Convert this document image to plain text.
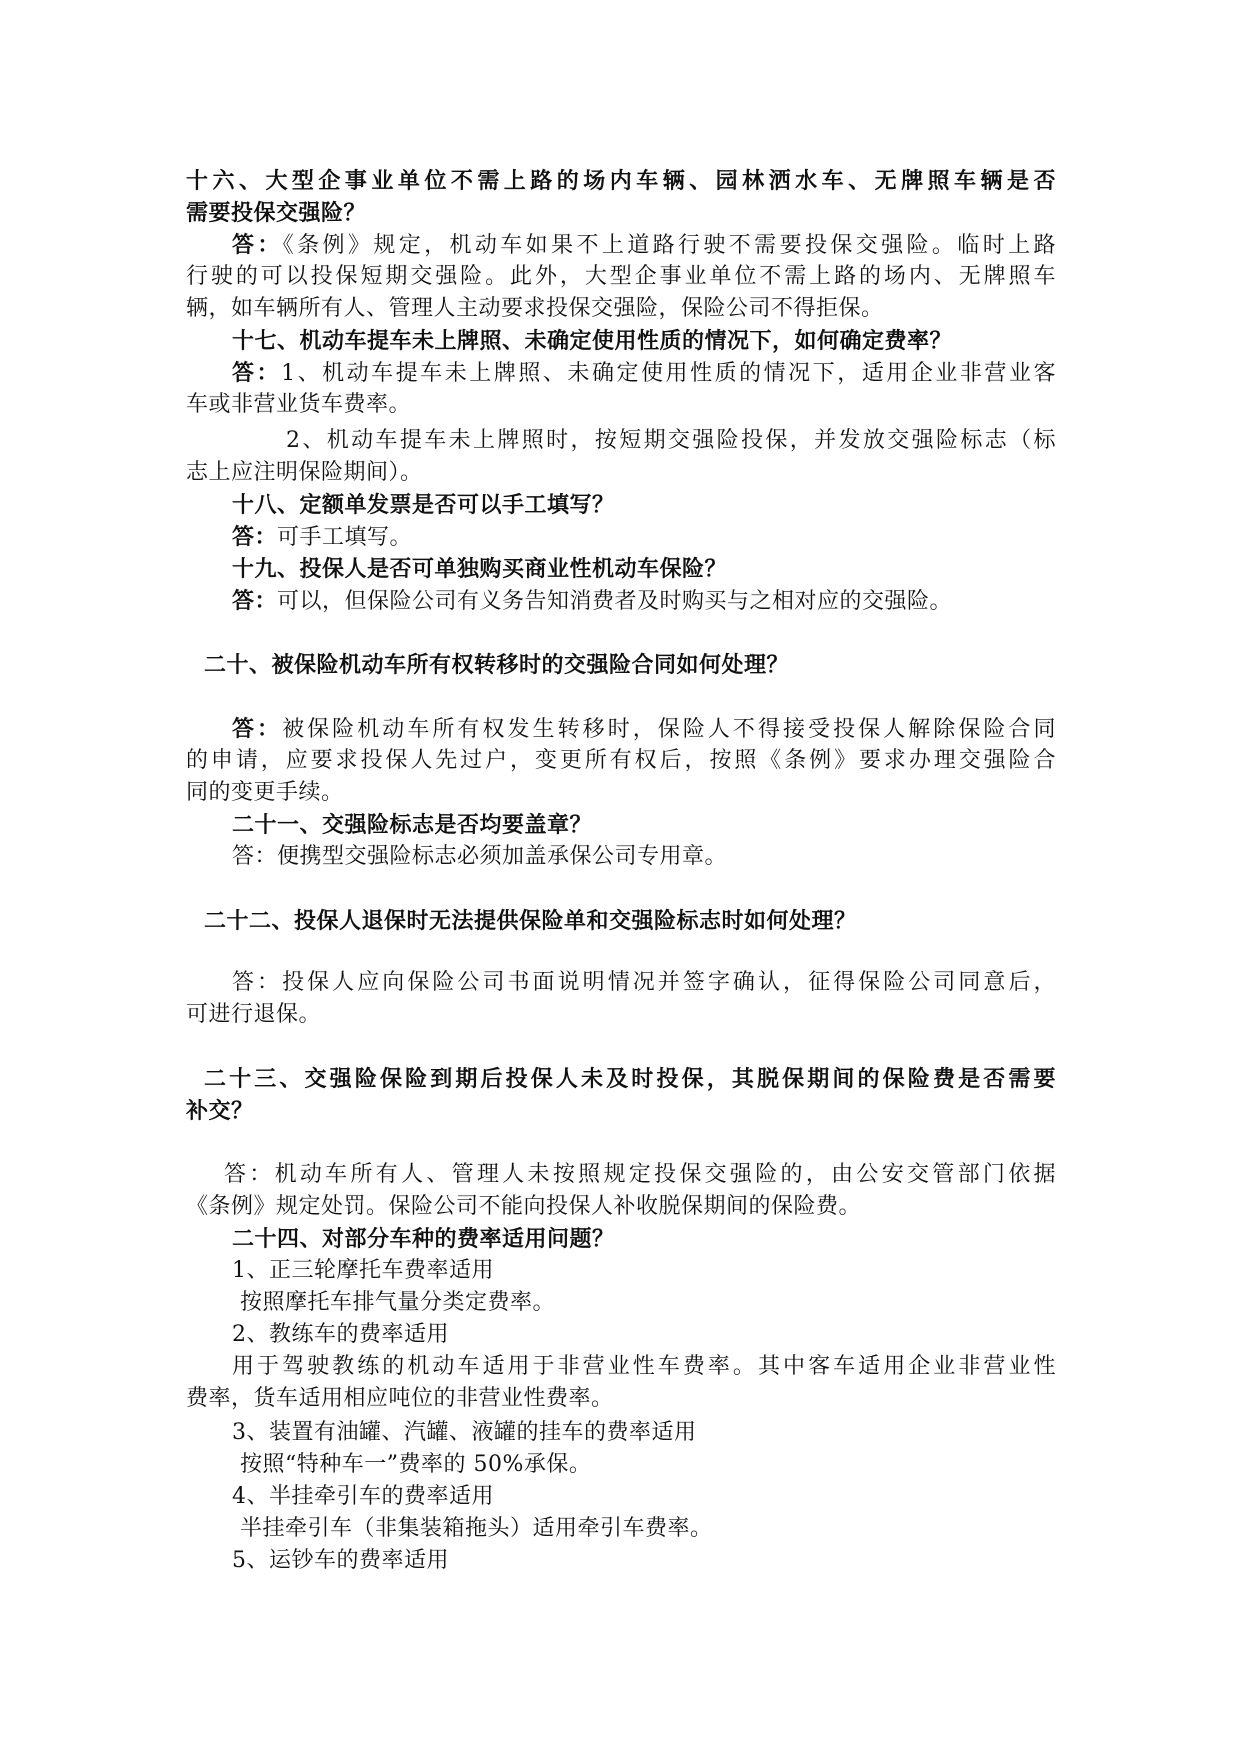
十六、大型企事业单位不需上路的场内车辆、园林洒水车、无牌照车辆是否
需要投保交强险？
答：《条例》规定，机动车如果不上道路行驶不需要投保交强险。临时上路
行驶的可以投保短期交强险。此外，大型企事业单位不需上路的场内、无牌照车
辆，如车辆所有人、管理人主动要求投保交强险，保险公司不得拒保。
十七、机动车提车未上牌照、未确定使用性质的情况下，如何确定费率？
答：1、机动车提车未上牌照、未确定使用性质的情况下，适用企业非营业客
车或非营业货车费率。
2、机动车提车未上牌照时，按短期交强险投保，并发放交强险标志（标
志上应注明保险期间）。
十八、定额单发票是否可以手工填写？
答：可手工填写。
十九、投保人是否可单独购买商业性机动车保险？
答：可以，但保险公司有义务告知消费者及时购买与之相对应的交强险。
二十、被保险机动车所有权转移时的交强险合同如何处理？
答：被保险机动车所有权发生转移时，保险人不得接受投保人解除保险合同
的申请，应要求投保人先过户，变更所有权后，按照《条例》要求办理交强险合
同的变更手续。
二十一、交强险标志是否均要盖章？
答：便携型交强险标志必须加盖承保公司专用章。
二十二、投保人退保时无法提供保险单和交强险标志时如何处理？
答：投保人应向保险公司书面说明情况并签字确认，征得保险公司同意后，
可进行退保。
二十三、交强险保险到期后投保人未及时投保，其脱保期间的保险费是否需要
补交？
答：机动车所有人、管理人未按照规定投保交强险的，由公安交管部门依据
《条例》规定处罚。保险公司不能向投保人补收脱保期间的保险费。
二十四、对部分车种的费率适用问题？
1、正三轮摩托车费率适用
按照摩托车排气量分类定费率。
2、教练车的费率适用
用于驾驶教练的机动车适用于非营业性车费率。其中客车适用企业非营业性
费率，货车适用相应吨位的非营业性费率。
3、装置有油罐、汽罐、液罐的挂车的费率适用
按照“特种车一”费率的 50%承保。
4、半挂牵引车的费率适用
半挂牵引车（非集装箱拖头）适用牵引车费率。
5、运钞车的费率适用
